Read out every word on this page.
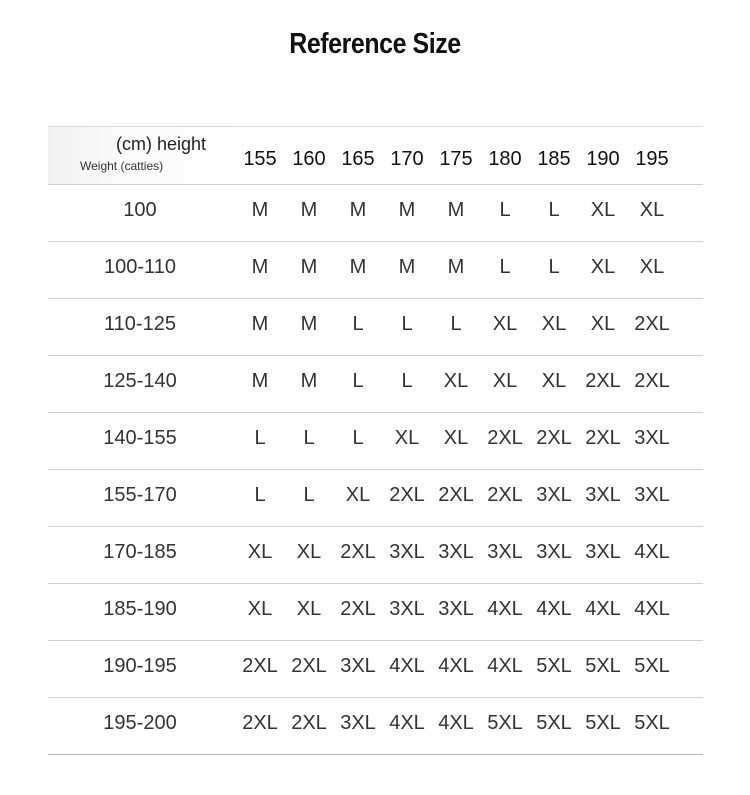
Reference Size
(cm) height
Weight (catties)	155 160 165 170 175 180 185 190 195
100	M	M	M	M	M	L	L	XL	XL
100-110	M	M	M	M	M	L	L	XL	XL
110-125	M	M	L	L	L	XL	XL	XL 2XL
125-140	M	M	L	L	XL	XL	XL 2XL 2XL
140-155	L	L	L	XL	XL 2XL 2XL 2XL 3XL
155-170	L	L	XL 2XL 2XL 2XL 3XL 3XL 3XL
170-185	XL	XL 2XL 3XL 3XL 3XL 3XL 3XL 4XL
185-190	XL	XL 2XL 3XL 3XL 4XL 4XL 4XL 4XL
190-195	2XL 2XL 3XL 4XL 4XL 4XL 5XL 5XL 5XL
195-200	2XL 2XL 3XL 4XL 4XL 5XL 5XL 5XL 5XL
